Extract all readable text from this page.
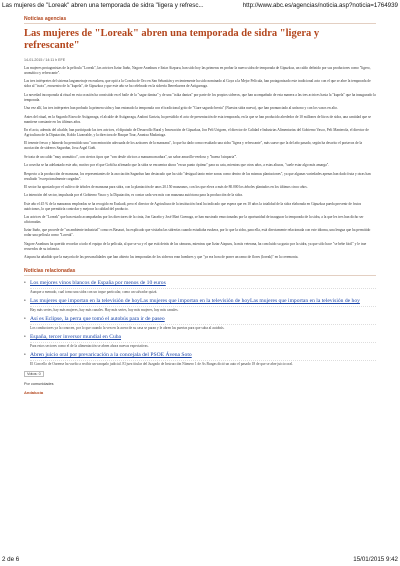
Las mujeres de "Loreak" abren una temporada de sidra "ligera y refresc...	http://www.abc.es/agencias/noticia.asp?noticia=1764939
Noticias agencias
Las mujeres de "Loreak" abren una temporada de sidra "ligera y refrescante"
14-01-2015 / 14:11 h EFE

Las mujeres protagonistas de la película "Loreak", las actrices Itziar Ituño, Nagore Aranburu e Itziar Aizpuru, han sido hoy las primeras en probar la nueva sidra de temporada de Gipuzkoa, un caldo definido por sus productores como "ligero, aromático y refrescante".

Las tres intérpretes del sistema largometraje en euskera, que optó a la Concha de Oro en San Sebastián y recientemente ha sido nominado al Goya a la Mejor Película, han protagonizado este tradicional acto con el que se abre la temporada de sidra al "txotx", encuentro de la "kupela", de Gipuzkoa y que este año se ha celebrado en la sidrería Iberrekarrea de Astigarraga.

La novedad incorporada al ritual en esta ocasión ha consistido en el baile de la "sagar dantza" y de una "txika dantza" por parte de los propios sidreros, que han acompañado de esta manera a las tres actrices hasta la "kupela" que ha inaugurado la temporada.

Una vez allí, las tres intérpretes han probado la primera sidra y han entonado la temporada con el tradicional grito de "Gure sagardo berria" (Nuestra sidra nueva), que han pronunciado al unísono y con los vasos en alto.

Antes del ritual, en la Sagardo Etxea de Astigarraga, el alcalde de Astigarraga, Andoni Gartzia, ha presidido el acto de presentación de esta temporada, en la que se han producido alrededor de 10 millones de litros de sidra, una cantidad que se mantiene constante en los últimos años.

En el acto, además del alcalde, han participado las tres actrices, el diputado de Desarrollo Rural y Innovación de Gipuzkoa, Jon Peli Urigoen, el director de Calidad e Industrias Alimentarias del Gobierno Vasco, Peli Manterola, el director de Agricultura de la Diputación, Koldo Lizarralde, y la directora de Basque Tour, Arantxa Madariaga.

El tenente fresco y húmedo ha permitido una "concentración adecuada de los azúcares de la manzana", lo que ha dado como resultado una sidra "ligera y refrescante", más suave que la del año pasado, según ha descrito el portavoz de la asociación de sidreros Sagardun, Josu Argal Goñi.

Se trata de un caldo "muy aromático", con ciertos tipos que "van desde cítricos a manzana madura", un sabor amarillo-verdoso y "buena 'txinparta'".

La cosecha se ha adelantado este año, motivo por el que Goñi ha afirmado que la sidra se encuentra ahora "en un punto óptimo" para su cata, mientras que otros años, a estas alturas, "suele estar algo más amarga".

Respecto a la producción de manzana, los representantes de la asociación Sagardun han destacado que ha sido "desigual tanto entre zonas como dentro de las mismas plantaciones", ya que algunas variedades apenas han dado fruta y otras han resultado "excepcionalmente cargadas".

El sector ha apostado por el cultivo de árboles de manzana para sidra, con la plantación de unos 20.150 manzanos, con los que eleva a más de 80.000 los árboles plantados en los últimos cinco años.

La intención del sector, impulsada por el Gobierno Vasco y la Diputación, es contar cada vez más con manzana autóctona para la producción de la sidra.

Este año el 45 % de la manzanas empleadas se ha recogido en Euskadi, pero el director de Agricultura de la institución foral ha indicado que espera que en 10 años la totalidad de la sidra elaborada en Gipuzkoa pueda provenir de frutos autóctonos, lo que permitiría controlar y mejorar la calidad del producto.

Las actrices de "Loreak" que han estado acompañadas por los directores de la cinta, Jon Garaño y José Mari Goenaga, se han mostrado emocionadas por la oportunidad de inaugurar la temporada de la sidra, a la que les tres han dicho ser aficionadas.

Itziar Ituño, que procede de "un ambiente industrial" como es Basauri, ha explicado que visitaba las sidrerías cuando estudiaba euskera, por lo que la sidra, para ella, está directamente relacionada con este idioma, una lengua que ha permitido rodar una película como "Loreak".

Nagore Aranburu ha querido recordar a todo el equipo de la película, al que se va y el que está detrás de las cámaras, mientras que Itziar Aizpuru, la más veterana, ha concluido su gusto por la sidra, ya que sólo hace "se bebe fácil" y le trae recuerdos de su infancia.

Aizpuru ha añadido que la mayoría de las personalidades que han abierto las temporadas de los sidreros eran hombres y que "ya era hora de poner un ramo de flores (loreak)" en la ceremonia.

Noticias relacionadas
• Los mejores vinos blancos de España por menos de 10 euros
Aunque a menudo, cual tomo una sidra con un toque particular, como un salvador quizá.
• Las mujeres que importan en la televisión de hoyLas mujeres que importan en la televisión de hoyLas mujeres que importan en la televisión de hoy
Hay más series, hay más mujeres, hay más canales. Hay más series, hay más mujeres, hay más canales.
• Así es Eclipse, la perra que tomó el autobús para ir de paseo
Los conductores ya la conocen, por lo que cuando la ven en la acera de su casa se paran y le abren las puertas para que suba al autobús.
• España, tercer inversor mundial en Cuba
Para estos sectores como el de la alimentación se abren ahora nuevas expectativas.
• Abren juicio oral por prevaricación a la concejala del PSOE Ávena Soto
El Concello de Ourense ha vuelto a recibir un varapalo judicial. El juez titular del Juzgado de Instrucción Número 1 de As Burgas dictó un auto el pasado 18 de que se abre juicio oral.
Votos: 0
Por comunidades
Andalucía
2 de 6	15/01/2015 9:42
